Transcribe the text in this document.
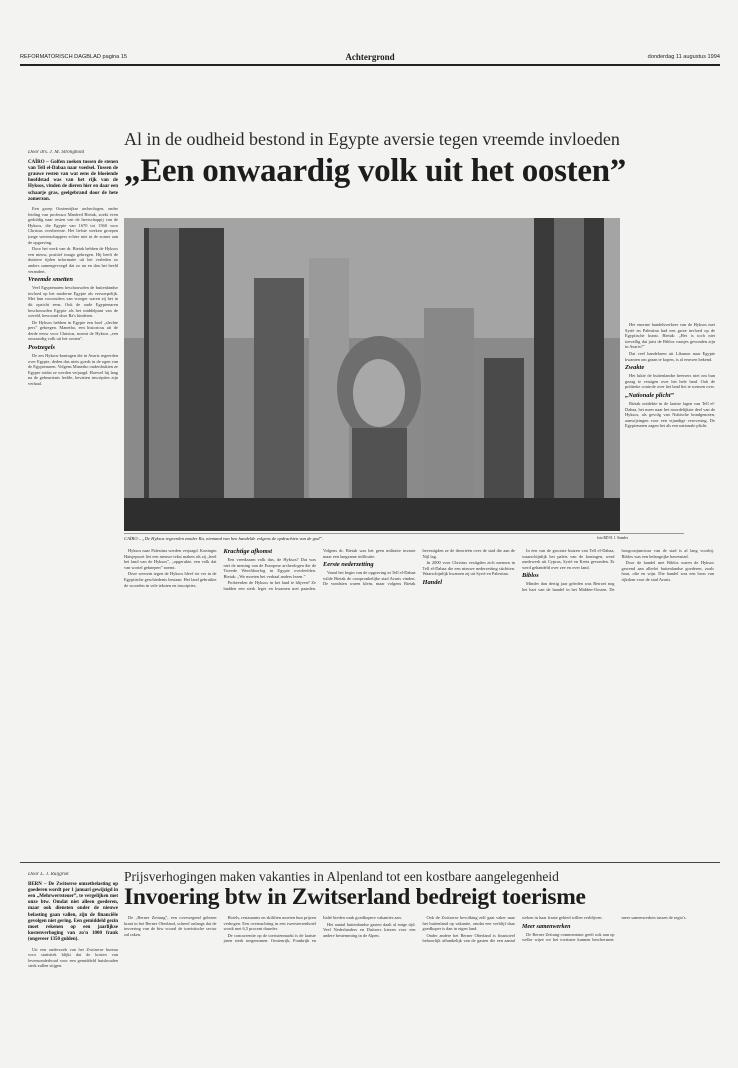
REFORMATORISCH DAGBLAD pagina 15	Achtergrond	donderdag 11 augustus 1994
Al in de oudheid bestond in Egypte aversie tegen vreemde invloeden
„Een onwaardig volk uit het oosten”
Door drs. J. M. Stronghold
CAÏRO – Golfen zoeken tussen de stenen van Tell el-Dabaa naar voedsel. Tussen de grauwe resten van wat eens de bloeiende hoofdstad was van het rijk van de Hyksos, vinden de dieren hier en daar een schaarje gras, geelgebrand door de hete zomerzon.

Een groep Oostenrijkse archeologen, onder leiding van professor Manfred Bietak, zoekt even geduldig naar resten van de heerschappij van de Hyksos, die Egypte van 1670 tot 1560 voor Christus overheerste. Het liefste werken groepen jonge wetenschappers echter niet in de zomer aan de opgraving.

Door het werk van dr. Bietak hebben de Hyksos een nieuw, positief imago gekregen. Hij heeft de duistere tijden informatie uit het verleden zo anders samengevoegd dat zo nu en dan het beeld verandert.

Vreemde smetten

Veel Egyptenaren beschouwden de buitenlandse invloed op het moderne Egypte als verwerpelijk. Met hun voorouders van vroeger waren zij het in dit opzicht eens. Ook de oude Egyptenaren beschouwden Egypte als het middelpunt van de wereld, bewoond door Ra's kinderen.

De Hyksos hebben in Egypte een boel „slechte pers” gekregen. Manetho, een historicus uit de derde eeuw voor Christus, noemt de Hyksos „een onwaardig volk uit het oosten”.

Postzegels

De zes Hyksos-koningen die in Avaris regeerden over Egypte, deden dus niets goeds in de ogen van de Egyptenaren. Volgens Manetho onderdrukten ze Egypte totdat ze werden verjaagd. Hoewel hij lang na de gebeurtenis leefde, bevatten inscripties zijn verhaal.

CAÏRO – „De Hyksos regeerden zonder Ra, niemand van hen handelde volgens de opdrachten van de god”.	foto RD H. J. Stander

Het enorme handelsverkeer van de Hyksos met Syrië en Palestina had een grote invloed op de Egyptische kunst. Bietak: „Het is toch niet toevallig dat juist de Biblos vaasjes gevonden zijn in Avaris?”

Dat veel handelaren uit Libanon naar Egypte kwamen om graan te kopen, is al eeuwen bekend.

Zwakte

Het lukte de buitenlandse heersers niet om hun gezag te vestigen over het hele land. Ook de politieke controle over het land liet te wensen over.

„Nationale plicht”

Bietak ontdekte in de laatste lagen van Tell el-Dabaa, het meer naar het noordelijkste deel van de Hyksos, als gevolg van Nubische bondgenoten, aanwijzingen voor een vijandige verovering. De Egyptenaren zagen het als een nationale plicht.

Hyksos naar Palestina werden verjaagd. Koningin Hatsjepsoet liet een nieuwe tekst maken als zij „heel het land van de Hyksos”, „opgerukte, een volk dat van wortel geknepen” noemt.

Deze weerzin tegen de Hyksos bleef tot ver in de Egyptische geschiedenis bestaan. Het land gebruikte de woorden in vele teksten en inscripties.

Krachtige afkomst

Een vreedzaam volk dus, de Hyksos? Dat was niet de mening van de Europese archeologen die de Tweede Wereldoorlog in Egypte overleefden. Bietak: „We moeten het verhaal anders lezen.”

Probeerden de Hyksos in het land te blijven? Ze hadden een sterk leger en kwamen met paarden. Volgens dr. Bietak was het geen militaire invasie maar een langzame infiltratie.

Eerste nederzetting

Vanaf het begin van de opgraving in Tell el-Dabaa wilde Bietak de oorspronkelijke stad Avaris vinden. De vondsten waren klein, maar volgens Bietak bevestigden ze de theorieën over de stad die aan de Nijl lag.

In 2000 voor Christus vestigden zich mensen in Tell el-Dabaa die een nieuwe nederzetting stichtten. Waarschijnlijk kwamen zij uit Syrië en Palestina.

Handel

In een van de grootste huizen van Tell el-Dabaa, waarschijnlijk het paleis van de koningen, werd aardewerk uit Cyprus, Syrië en Kreta gevonden. Er werd gehandeld over zee en over land.

Biblos

Minder dan dertig jaar geleden was Beiroet nog het hart van de handel in het Midden-Oosten. De hoogconjunctuur van de stad is al lang voorbij. Biblos was een belangrijke havenstad.

Door de handel met Biblos waren de Hyksos gewend aan allerlei buitenlandse goederen, zoals hout, olie en wijn. Die handel was een bron van rijkdom voor de stad Avaris.

Prijsverhogingen maken vakanties in Alpenland tot een kostbare aangelegenheid
Invoering btw in Zwitserland bedreigt toerisme
Door L. J. Ruijgrok
BERN – De Zwitserse omzetbelasting op goederen wordt per 1 januari gewijzigd in een „Mehrwertsteuer”, te vergelijken met onze btw. Omdat niet alleen goederen, maar ook diensten onder de nieuwe belasting gaan vallen, zijn de financiële gevolgen niet gering. Een gemiddeld gezin moet rekenen op een jaarlijkse kostenverhoging van zo'n 1000 frank (ongeveer 1350 gulden).

Uit een onderzoek van het Zwitserse bureau voor statistiek blijkt dat de kosten van levensonderhoud voor een gemiddeld huishouden sterk zullen stijgen.

De „Berner Zeitung”, een overwegend gelezen krant in het Berner Oberland, schreef onlangs dat de invoering van de btw vooral de toeristische sector zal raken.

Hotels, restaurants en skiliften moeten hun prijzen verhogen. Een overnachting in een tweesterrenhotel wordt met 6,5 procent duurder.

De concurrentie op de toeristenmarkt is de laatste jaren sterk toegenomen. Oostenrijk, Frankrijk en Italië bieden vaak goedkopere vakanties aan.

Het aantal buitenlandse gasten daalt al enige tijd. Veel Nederlanders en Duitsers kiezen voor een andere bestemming in de Alpen.

Ook de Zwitserse bevolking zelf gaat vaker naar het buitenland op vakantie, omdat een verblijf daar goedkoper is dan in eigen land.

Onder andere het Berner Oberland is financieel behoorlijk afhankelijk van de gasten die een aantal weken in haar fraaie gebied willen verblijven.

Meer samenwerken

De Berner Zeitung-commentator geeft ook aan op welke wijze we het toerisme kunnen beschermen: meer samenwerken tussen de regio's.
